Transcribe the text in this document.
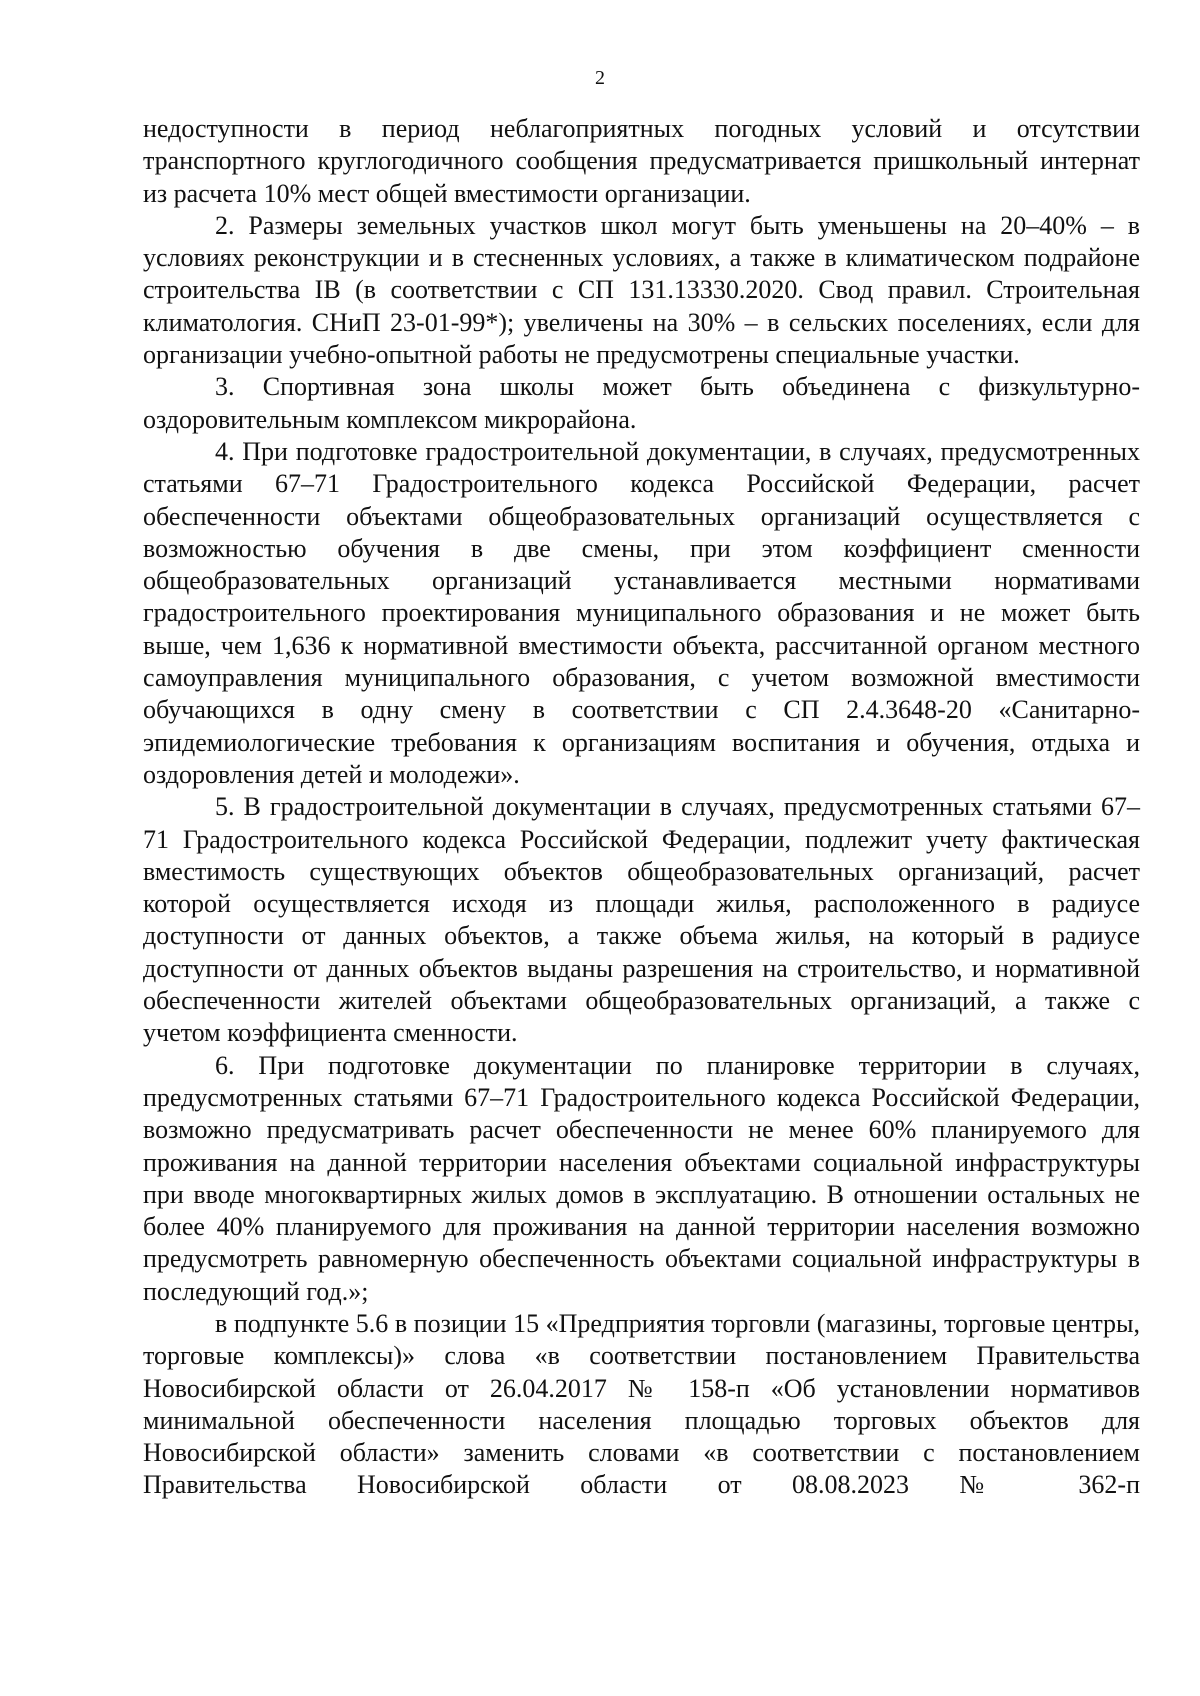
2

недоступности в период неблагоприятных погодных условий и отсутствии транспортного круглогодичного сообщения предусматривается пришкольный интернат из расчета 10% мест общей вместимости организации.

2. Размеры земельных участков школ могут быть уменьшены на 20–40% – в условиях реконструкции и в стесненных условиях, а также в климатическом подрайоне строительства IВ (в соответствии с СП 131.13330.2020. Свод правил. Строительная климатология. СНиП 23-01-99*); увеличены на 30% – в сельских поселениях, если для организации учебно-опытной работы не предусмотрены специальные участки.

3. Спортивная зона школы может быть объединена с физкультурно-оздоровительным комплексом микрорайона.

4. При подготовке градостроительной документации, в случаях, предусмотренных статьями 67–71 Градостроительного кодекса Российской Федерации, расчет обеспеченности объектами общеобразовательных организаций осуществляется с возможностью обучения в две смены, при этом коэффициент сменности общеобразовательных организаций устанавливается местными нормативами градостроительного проектирования муниципального образования и не может быть выше, чем 1,636 к нормативной вместимости объекта, рассчитанной органом местного самоуправления муниципального образования, с учетом возможной вместимости обучающихся в одну смену в соответствии с СП 2.4.3648-20 «Санитарно-эпидемиологические требования к организациям воспитания и обучения, отдыха и оздоровления детей и молодежи».

5. В градостроительной документации в случаях, предусмотренных статьями 67–71 Градостроительного кодекса Российской Федерации, подлежит учету фактическая вместимость существующих объектов общеобразовательных организаций, расчет которой осуществляется исходя из площади жилья, расположенного в радиусе доступности от данных объектов, а также объема жилья, на который в радиусе доступности от данных объектов выданы разрешения на строительство, и нормативной обеспеченности жителей объектами общеобразовательных организаций, а также с учетом коэффициента сменности.

6. При подготовке документации по планировке территории в случаях, предусмотренных статьями 67–71 Градостроительного кодекса Российской Федерации, возможно предусматривать расчет обеспеченности не менее 60% планируемого для проживания на данной территории населения объектами социальной инфраструктуры при вводе многоквартирных жилых домов в эксплуатацию. В отношении остальных не более 40% планируемого для проживания на данной территории населения возможно предусмотреть равномерную обеспеченность объектами социальной инфраструктуры в последующий год.»;

в подпункте 5.6 в позиции 15 «Предприятия торговли (магазины, торговые центры, торговые комплексы)» слова «в соответствии постановлением Правительства Новосибирской области от 26.04.2017 № 158-п «Об установлении нормативов минимальной обеспеченности населения площадью торговых объектов для Новосибирской области» заменить словами «в соответствии с постановлением Правительства Новосибирской области от 08.08.2023 № 362-п
